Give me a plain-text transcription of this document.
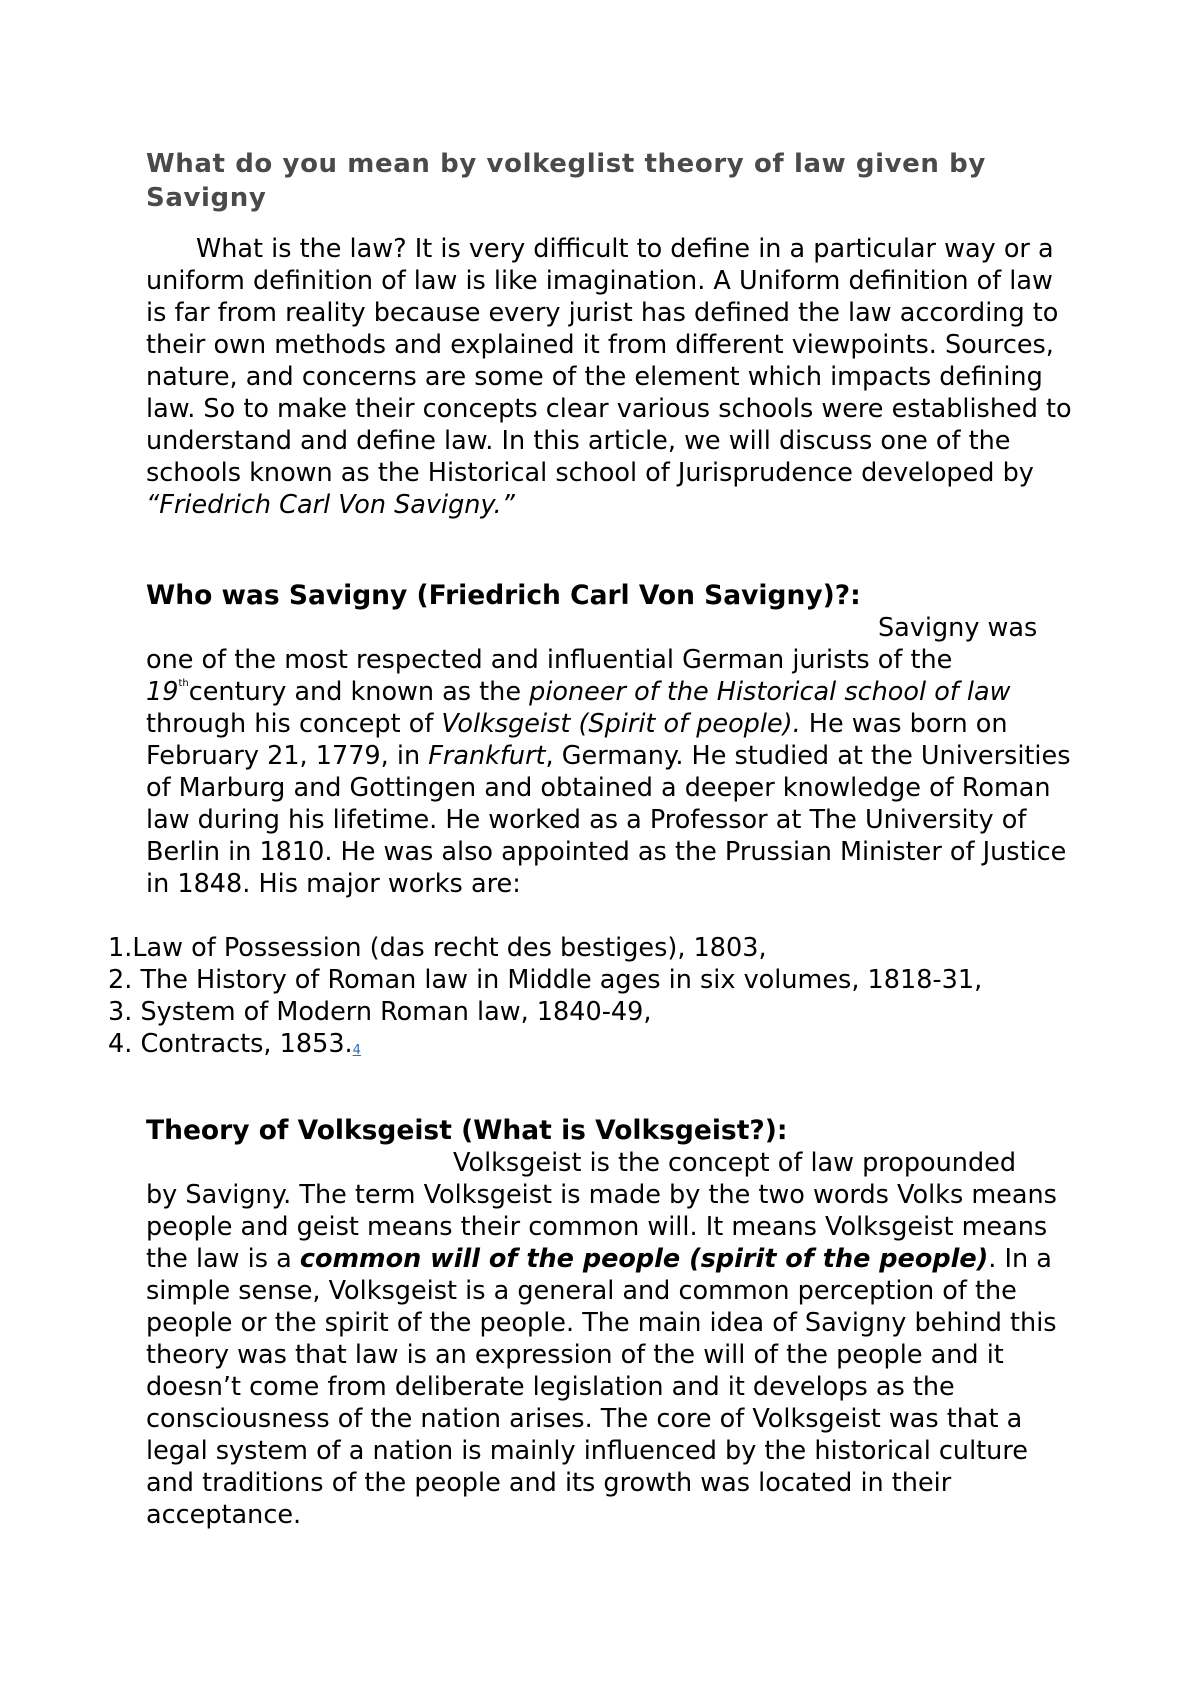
What do you mean by volkeglist theory of law given by Savigny

What is the law? It is very difficult to define in a particular way or a uniform definition of law is like imagination. A Uniform definition of law is far from reality because every jurist has defined the law according to their own methods and explained it from different viewpoints. Sources, nature, and concerns are some of the element which impacts defining law. So to make their concepts clear various schools were established to understand and define law. In this article, we will discuss one of the schools known as the Historical school of Jurisprudence developed by “Friedrich Carl Von Savigny.”

Who was Savigny (Friedrich Carl Von Savigny)?:

Savigny was
one of the most respected and influential German jurists of the 19thcentury and known as the pioneer of the Historical school of law through his concept of Volksgeist (Spirit of people). He was born on February 21, 1779, in Frankfurt, Germany. He studied at the Universities of Marburg and Gottingen and obtained a deeper knowledge of Roman law during his lifetime. He worked as a Professor at The University of Berlin in 1810. He was also appointed as the Prussian Minister of Justice in 1848. His major works are:

1.Law of Possession (das recht des bestiges), 1803,
2. The History of Roman law in Middle ages in six volumes, 1818-31,
3. System of Modern Roman law, 1840-49,
4. Contracts, 1853.4
Theory of Volksgeist (What is Volksgeist?):

Volksgeist is the concept of law propounded
by Savigny. The term Volksgeist is made by the two words Volks means people and geist means their common will. It means Volksgeist means the law is a common will of the people (spirit of the people). In a simple sense, Volksgeist is a general and common perception of the people or the spirit of the people. The main idea of Savigny behind this theory was that law is an expression of the will of the people and it doesn’t come from deliberate legislation and it develops as the consciousness of the nation arises. The core of Volksgeist was that a legal system of a nation is mainly influenced by the historical culture and traditions of the people and its growth was located in their acceptance.
